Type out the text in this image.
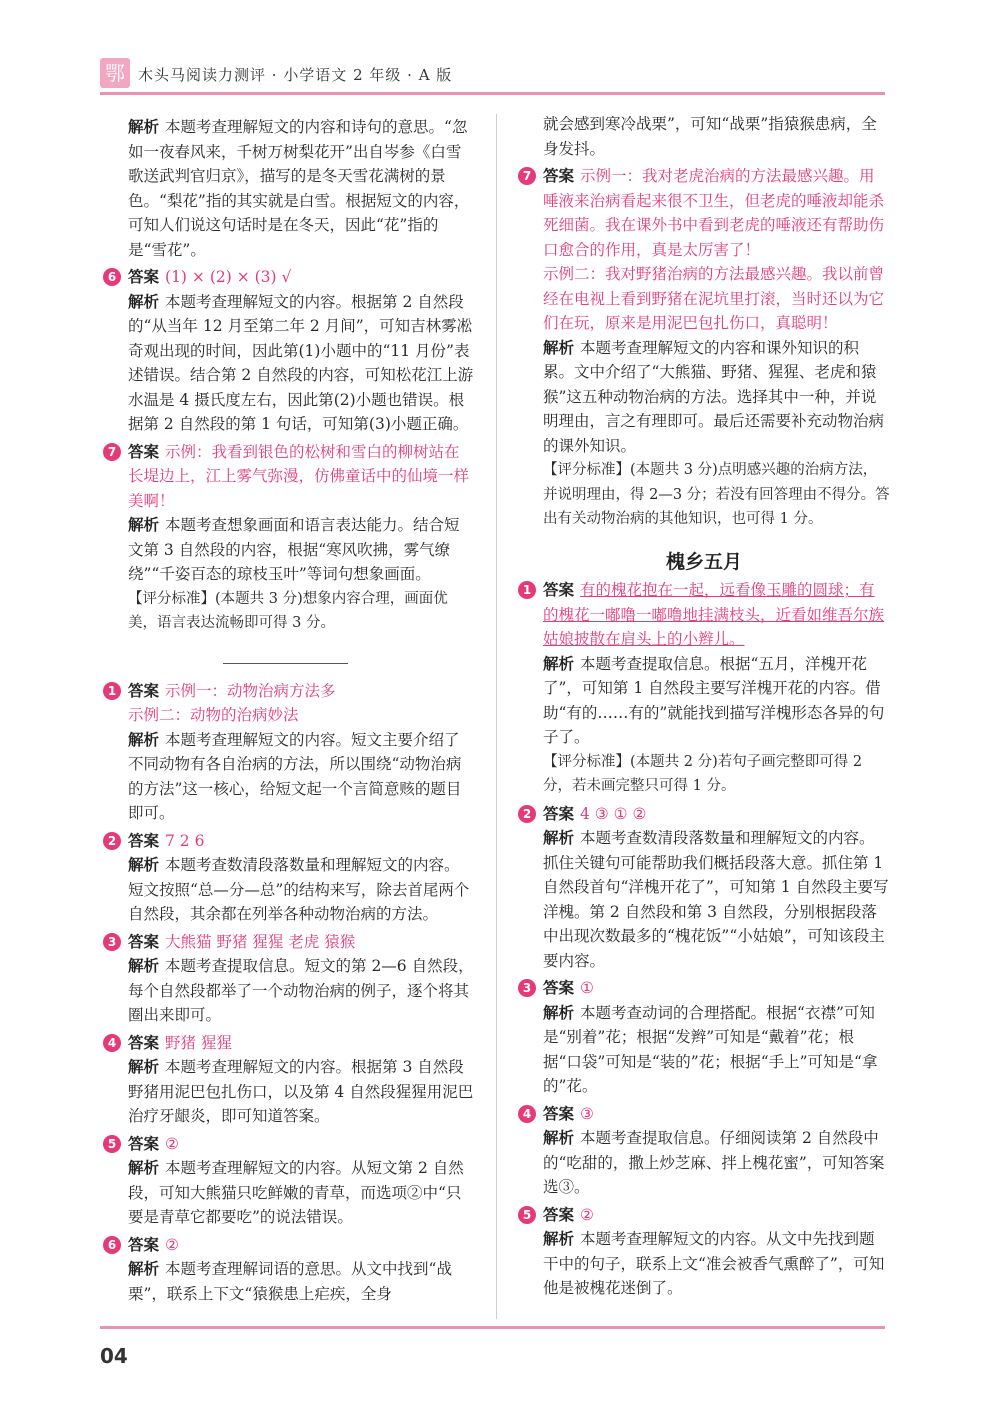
鄂 木头马阅读力测评 · 小学语文 2 年级 · A 版
解析 本题考查理解短文的内容和诗句的意思。“忽如一夜春风来，千树万树梨花开”出自岑参《白雪歌送武判官归京》，描写的是冬天雪花满树的景色。“梨花”指的其实就是白雪。根据短文的内容，可知人们说这句话时是在冬天，因此“花”指的是“雪花”。
6 答案 (1) × (2) × (3) √

解析 本题考查理解短文的内容。根据第 2 自然段的“从当年 12 月至第二年 2 月间”，可知吉林雾凇奇观出现的时间，因此第(1)小题中的“11 月份”表述错误。结合第 2 自然段的内容，可知松花江上游水温是 4 摄氏度左右，因此第(2)小题也错误。根据第 2 自然段的第 1 句话，可知第(3)小题正确。

7 答案 示例：我看到银色的松树和雪白的柳树站在长堤边上，江上雾气弥漫，仿佛童话中的仙境一样美啊！

解析 本题考查想象画面和语言表达能力。结合短文第 3 自然段的内容，根据“寒风吹拂，雾气缭绕”“千姿百态的琼枝玉叶”等词句想象画面。

【评分标准】(本题共 3 分)想象内容合理，画面优美，语言表达流畅即可得 3 分。

1 答案 示例一：动物治病方法多

示例二：动物的治病妙法

解析 本题考查理解短文的内容。短文主要介绍了不同动物有各自治病的方法，所以围绕“动物治病的方法”这一核心，给短文起一个言简意赅的题目即可。

2 答案 7 2 6

解析 本题考查数清段落数量和理解短文的内容。短文按照“总—分—总”的结构来写，除去首尾两个自然段，其余都在列举各种动物治病的方法。

3 答案 大熊猫 野猪 猩猩 老虎 猿猴

解析 本题考查提取信息。短文的第 2—6 自然段，每个自然段都举了一个动物治病的例子，逐个将其圈出来即可。

4 答案 野猪 猩猩

解析 本题考查理解短文的内容。根据第 3 自然段野猪用泥巴包扎伤口，以及第 4 自然段猩猩用泥巴治疗牙龈炎，即可知道答案。

5 答案 ②

解析 本题考查理解短文的内容。从短文第 2 自然段，可知大熊猫只吃鲜嫩的青草，而选项②中“只要是青草它都要吃”的说法错误。

6 答案 ②

解析 本题考查理解词语的意思。从文中找到“战栗”，联系上下文“猿猴患上疟疾，全身

就会感到寒冷战栗”，可知“战栗”指猿猴患病，全身发抖。

7 答案 示例一：我对老虎治病的方法最感兴趣。用唾液来治病看起来很不卫生，但老虎的唾液却能杀死细菌。我在课外书中看到老虎的唾液还有帮助伤口愈合的作用，真是太厉害了！

示例二：我对野猪治病的方法最感兴趣。我以前曾经在电视上看到野猪在泥坑里打滚，当时还以为它们在玩，原来是用泥巴包扎伤口，真聪明！

解析 本题考查理解短文的内容和课外知识的积累。文中介绍了“大熊猫、野猪、猩猩、老虎和猿猴”这五种动物治病的方法。选择其中一种，并说明理由，言之有理即可。最后还需要补充动物治病的课外知识。

【评分标准】(本题共 3 分)点明感兴趣的治病方法，并说明理由，得 2—3 分；若没有回答理由不得分。答出有关动物治病的其他知识，也可得 1 分。

槐乡五月
1 答案 有的槐花抱在一起，远看像玉雕的圆球；有的槐花一嘟噜一嘟噜地挂满枝头，近看如维吾尔族姑娘披散在肩头上的小辫儿。

解析 本题考查提取信息。根据“五月，洋槐开花了”，可知第 1 自然段主要写洋槐开花的内容。借助“有的……有的”就能找到描写洋槐形态各异的句子了。

【评分标准】(本题共 2 分)若句子画完整即可得 2 分，若未画完整只可得 1 分。

2 答案 4 ③ ① ②

解析 本题考查数清段落数量和理解短文的内容。抓住关键句可能帮助我们概括段落大意。抓住第 1 自然段首句“洋槐开花了”，可知第 1 自然段主要写洋槐。第 2 自然段和第 3 自然段，分别根据段落中出现次数最多的“槐花饭”“小姑娘”，可知该段主要内容。

3 答案 ①

解析 本题考查动词的合理搭配。根据“衣襟”可知是“别着”花；根据“发辫”可知是“戴着”花；根据“口袋”可知是“装的”花；根据“手上”可知是“拿的”花。

4 答案 ③

解析 本题考查提取信息。仔细阅读第 2 自然段中的“吃甜的，撒上炒芝麻、拌上槐花蜜”，可知答案选③。

5 答案 ②

解析 本题考查理解短文的内容。从文中先找到题干中的句子，联系上文“准会被香气熏醉了”，可知他是被槐花迷倒了。

04
